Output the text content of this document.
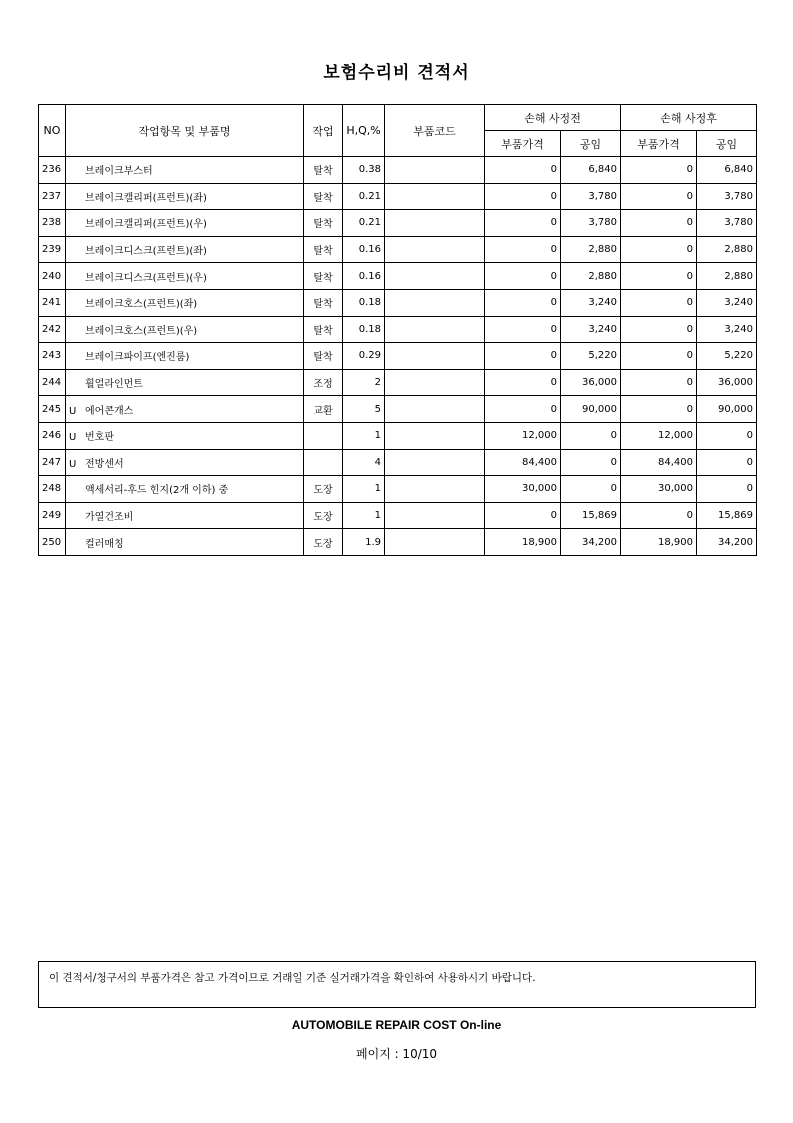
보험수리비 견적서
NO	작업항목 및 부품명	작업	H,Q,%	부품코드	손해 사정전		손해 사정후	
					부품가격	공임	부품가격	공임
236	브레이크부스터	탈착	0.38		0	6,840	0	6,840
237	브레이크캘리퍼(프런트)(좌)	탈착	0.21		0	3,780	0	3,780
238	브레이크캘리퍼(프런트)(우)	탈착	0.21		0	3,780	0	3,780
239	브레이크디스크(프런트)(좌)	탈착	0.16		0	2,880	0	2,880
240	브레이크디스크(프런트)(우)	탈착	0.16		0	2,880	0	2,880
241	브레이크호스(프런트)(좌)	탈착	0.18		0	3,240	0	3,240
242	브레이크호스(프런트)(우)	탈착	0.18		0	3,240	0	3,240
243	브레이크파이프(엔진룸)	탈착	0.29		0	5,220	0	5,220
244	휠얼라인먼트	조정	2		0	36,000	0	36,000
245	U 에어콘개스	교환	5		0	90,000	0	90,000
246	U 번호판		1		12,000	0	12,000	0
247	U 전방센서		4		84,400	0	84,400	0
248	액세서리-후드 힌지(2개 이하) 중	도장	1		30,000	0	30,000	0
249	가열건조비	도장	1		0	15,869	0	15,869
250	컬러매칭	도장	1.9		18,900	34,200	18,900	34,200
이 견적서/청구서의 부품가격은 참고 가격이므로 거래일 기준 실거래가격을 확인하여 사용하시기 바랍니다.
AUTOMOBILE REPAIR COST On-line
페이지 : 10/10
